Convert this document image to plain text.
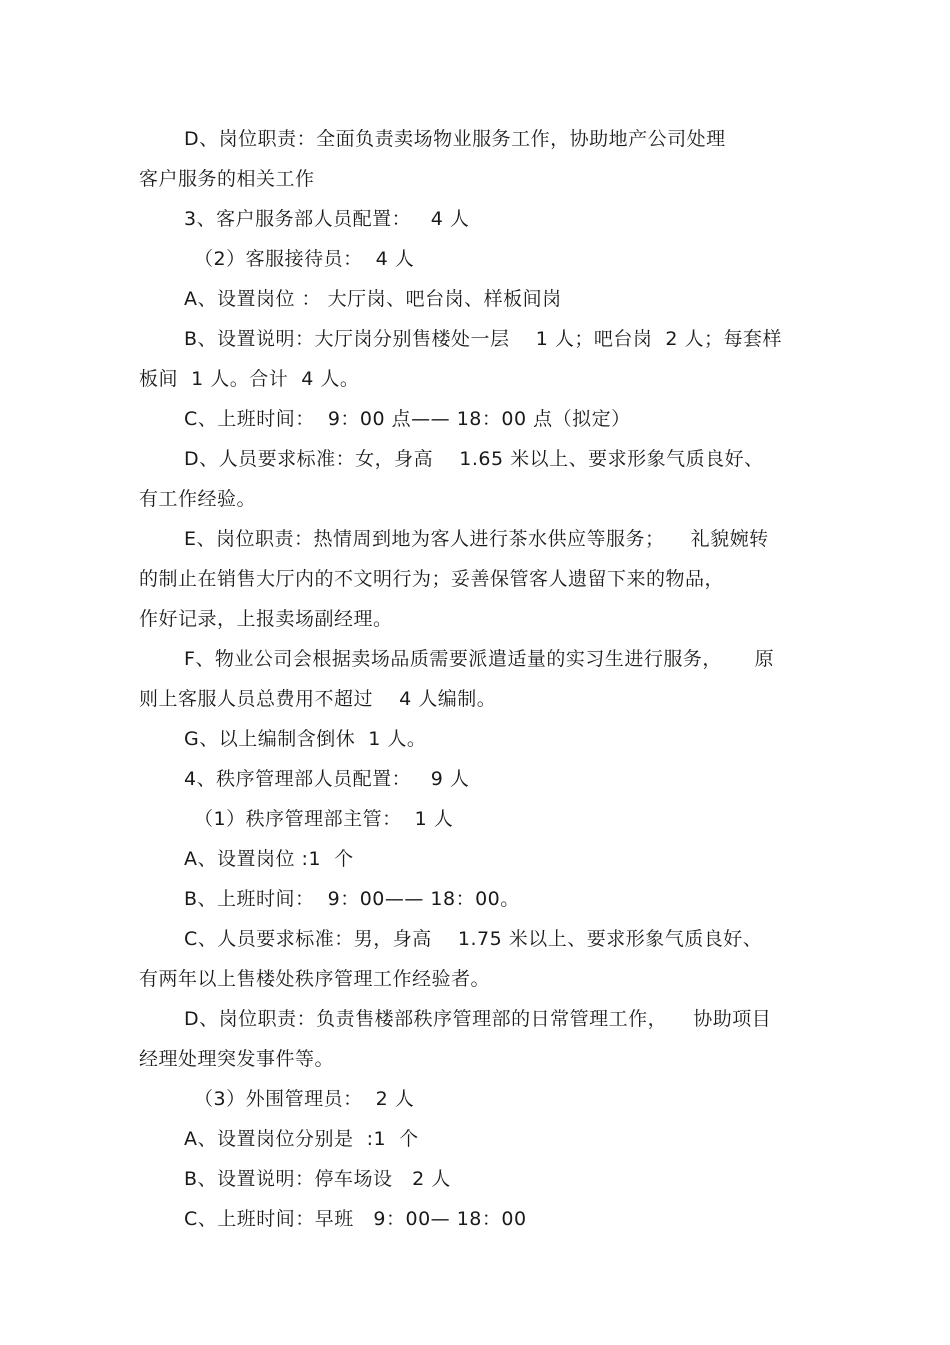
D、岗位职责：全面负责卖场物业服务工作，协助地产公司处理
客户服务的相关工作
3、客户服务部人员配置：   4 人
（2）客服接待员：  4 人
A、设置岗位 ： 大厅岗、吧台岗、样板间岗
B、设置说明：大厅岗分别售楼处一层    1 人；吧台岗  2 人；每套样
板间  1 人。合计  4 人。
C、上班时间：  9：00 点—— 18：00 点（拟定）
D、人员要求标准：女，身高    1.65 米以上、要求形象气质良好、
有工作经验。
E、岗位职责：热情周到地为客人进行茶水供应等服务；    礼貌婉转
的制止在销售大厅内的不文明行为；妥善保管客人遗留下来的物品，
作好记录，上报卖场副经理。
F、物业公司会根据卖场品质需要派遣适量的实习生进行服务，     原
则上客服人员总费用不超过    4 人编制。
G、以上编制含倒休  1 人。
4、秩序管理部人员配置：   9 人
（1）秩序管理部主管：  1 人
A、设置岗位 :1  个
B、上班时间：  9：00—— 18：00。
C、人员要求标准：男，身高    1.75 米以上、要求形象气质良好、
有两年以上售楼处秩序管理工作经验者。
D、岗位职责：负责售楼部秩序管理部的日常管理工作，    协助项目
经理处理突发事件等。
（3）外围管理员：  2 人
A、设置岗位分别是  :1  个
B、设置说明：停车场设   2 人
C、上班时间：早班   9：00— 18：00
